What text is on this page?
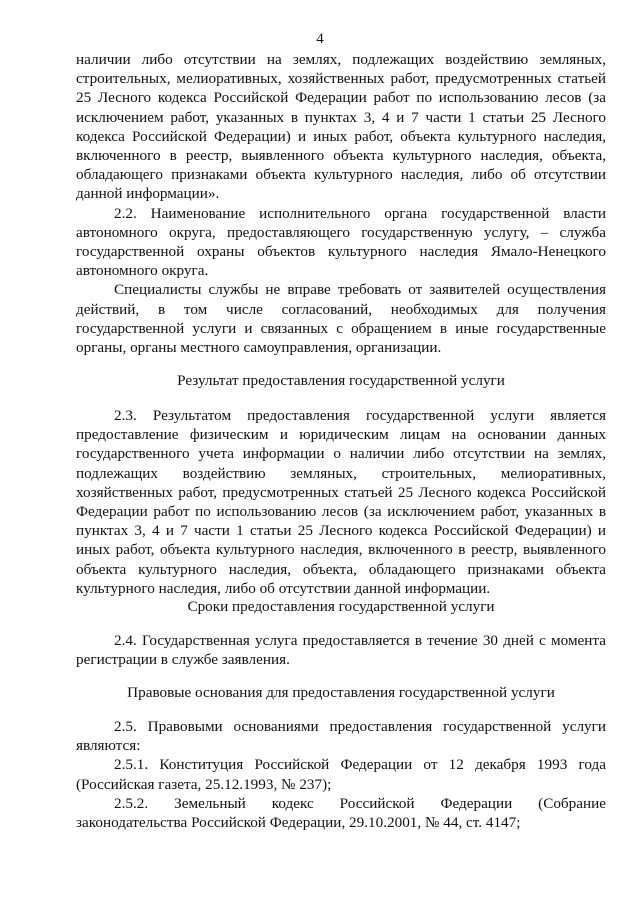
4

наличии либо отсутствии на землях, подлежащих воздействию земляных, строительных, мелиоративных, хозяйственных работ, предусмотренных статьей 25 Лесного кодекса Российской Федерации работ по использованию лесов (за исключением работ, указанных в пунктах 3, 4 и 7 части 1 статьи 25 Лесного кодекса Российской Федерации) и иных работ, объекта культурного наследия, включенного в реестр, выявленного объекта культурного наследия, объекта, обладающего признаками объекта культурного наследия, либо об отсутствии данной информации».

2.2. Наименование исполнительного органа государственной власти автономного округа, предоставляющего государственную услугу, – служба государственной охраны объектов культурного наследия Ямало-Ненецкого автономного округа.

Специалисты службы не вправе требовать от заявителей осуществления действий, в том числе согласований, необходимых для получения государственной услуги и связанных с обращением в иные государственные органы, органы местного самоуправления, организации.

Результат предоставления государственной услуги

2.3. Результатом предоставления государственной услуги является предоставление физическим и юридическим лицам на основании данных государственного учета информации о наличии либо отсутствии на землях, подлежащих воздействию земляных, строительных, мелиоративных, хозяйственных работ, предусмотренных статьей 25 Лесного кодекса Российской Федерации работ по использованию лесов (за исключением работ, указанных в пунктах 3, 4 и 7 части 1 статьи 25 Лесного кодекса Российской Федерации) и иных работ, объекта культурного наследия, включенного в реестр, выявленного объекта культурного наследия, объекта, обладающего признаками объекта культурного наследия, либо об отсутствии данной информации.

Сроки предоставления государственной услуги

2.4. Государственная услуга предоставляется в течение 30 дней с момента регистрации в службе заявления.

Правовые основания для предоставления государственной услуги

2.5. Правовыми основаниями предоставления государственной услуги являются:

2.5.1. Конституция Российской Федерации от 12 декабря 1993 года (Российская газета, 25.12.1993, № 237);

2.5.2. Земельный кодекс Российской Федерации (Собрание законодательства Российской Федерации, 29.10.2001, № 44, ст. 4147;
